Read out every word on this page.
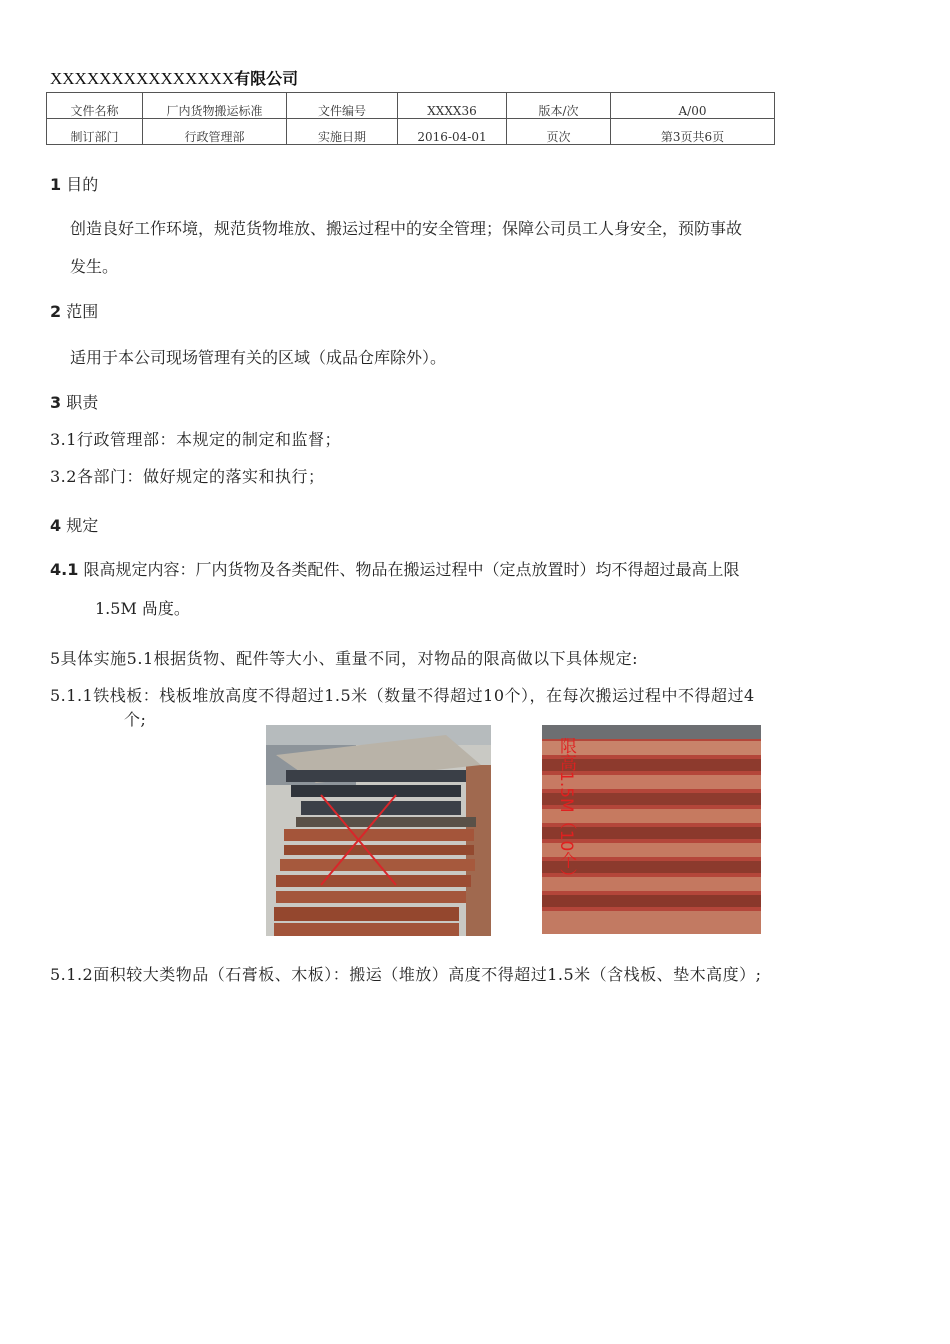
XXXXXXXXXXXXXXX有限公司
文件名称	厂内货物搬运标准	文件编号	XXXX36	版本/次	A/00
制订部门	行政管理部	实施日期	2016-04-01	页次	第3页共6页
1 目的
创造良好工作环境，规范货物堆放、搬运过程中的安全管理；保障公司员工人身安全，预防事故
发生。
2 范围
适用于本公司现场管理有关的区域（成品仓库除外）。
3 职责
3.1行政管理部：本规定的制定和监督；
3.2各部门：做好规定的落实和执行；
4 规定
4.1 限高规定内容：厂内货物及各类配件、物品在搬运过程中（定点放置时）均不得超过最高上限
1.5M 咼度。
5具体实施5.1根据货物、配件等大小、重量不同，对物品的限高做以下具体规定:
5.1.1铁栈板：栈板堆放高度不得超过1.5米（数量不得超过10个），在每次搬运过程中不得超过4
个;
限高1.5M（10个）
5.1.2面积较大类物品（石膏板、木板）：搬运（堆放）高度不得超过1.5米（含栈板、垫木高度）;
